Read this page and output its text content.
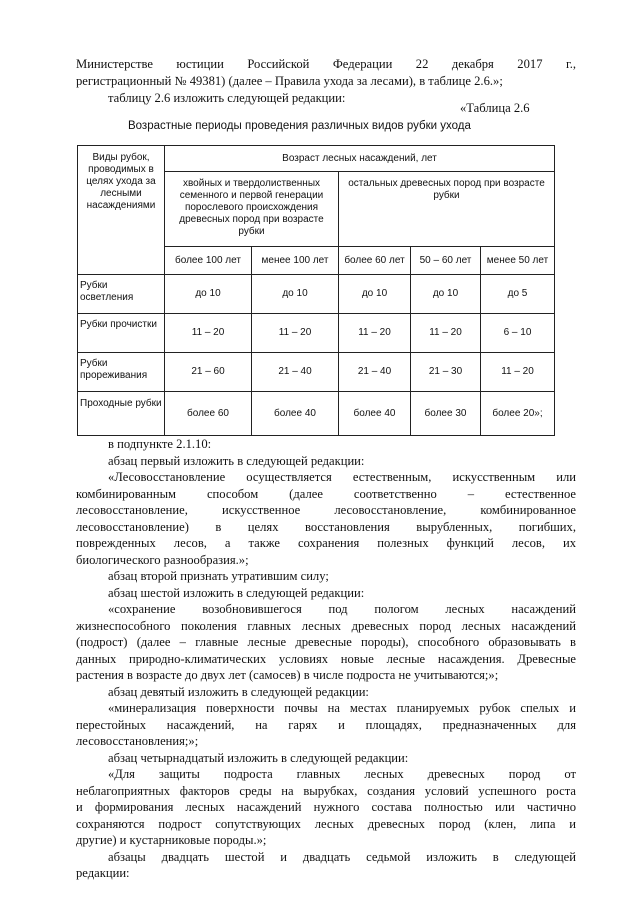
Министерстве юстиции Российской Федерации 22 декабря 2017 г.,
регистрационный № 49381) (далее – Правила ухода за лесами), в таблице 2.6.»;
таблицу 2.6 изложить следующей редакции:
«Таблица 2.6
Возрастные периоды проведения различных видов рубки ухода
Виды рубок, проводимых в целях ухода за лесными насаждениями	Возраст лесных насаждений, лет				
	хвойных и твердолиственных семенного и первой генерации порослевого происхождения древесных пород при возрасте рубки		остальных древесных пород при возрасте рубки		
	более 100 лет	менее 100 лет	более 60 лет	50 – 60 лет	менее 50 лет
Рубки осветления	до 10	до 10	до 10	до 10	до 5
Рубки прочистки	11 – 20	11 – 20	11 – 20	11 – 20	6 – 10
Рубки прореживания	21 – 60	21 – 40	21 – 40	21 – 30	11 – 20
Проходные рубки	более 60	более 40	более 40	более 30	более 20»;
в подпункте 2.1.10:
абзац первый изложить в следующей редакции:
«Лесовосстановление осуществляется естественным, искусственным или
комбинированным способом (далее соответственно – естественное
лесовосстановление, искусственное лесовосстановление, комбинированное
лесовосстановление) в целях восстановления вырубленных, погибших,
поврежденных лесов, а также сохранения полезных функций лесов, их
биологического разнообразия.»;
абзац второй признать утратившим силу;
абзац шестой изложить в следующей редакции:
«сохранение возобновившегося под пологом лесных насаждений
жизнеспособного поколения главных лесных древесных пород лесных насаждений
(подрост) (далее – главные лесные древесные породы), способного образовывать в
данных природно-климатических условиях новые лесные насаждения. Древесные
растения в возрасте до двух лет (самосев) в числе подроста не учитываются;»;
абзац девятый изложить в следующей редакции:
«минерализация поверхности почвы на местах планируемых рубок спелых и
перестойных насаждений, на гарях и площадях, предназначенных для
лесовосстановления;»;
абзац четырнадцатый изложить в следующей редакции:
«Для защиты подроста главных лесных древесных пород от
неблагоприятных факторов среды на вырубках, создания условий успешного роста
и формирования лесных насаждений нужного состава полностью или частично
сохраняются подрост сопутствующих лесных древесных пород (клен, липа и
другие) и кустарниковые породы.»;
абзацы двадцать шестой и двадцать седьмой изложить в следующей
редакции:
